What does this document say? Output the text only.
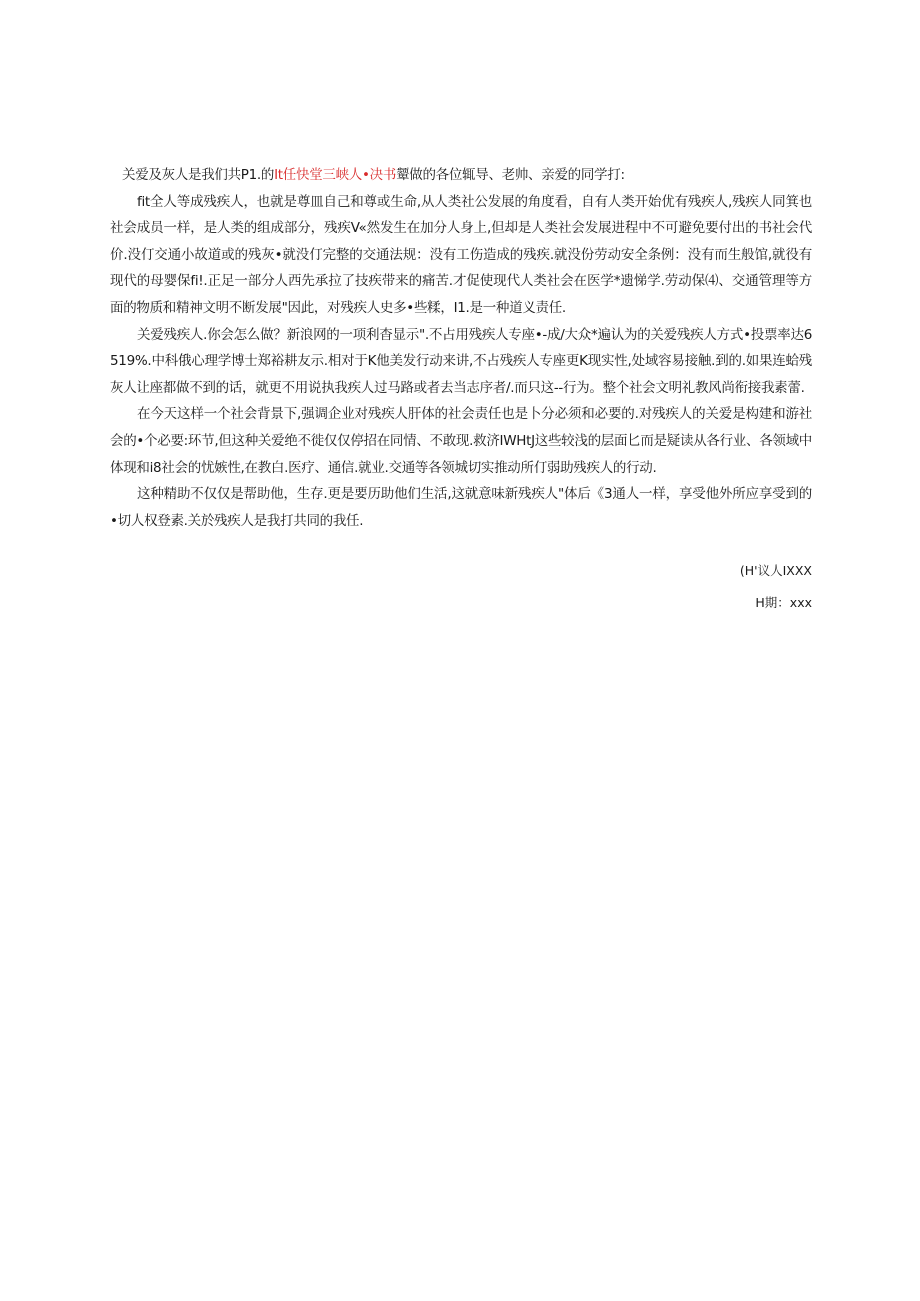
关爱及灰人是我们共P1.的It任快堂三峡人•决书颦做的各位辄导、老帅、亲爱的同学打:

fit全人等成残疾人，也就是尊皿自己和尊或生命,从人类社公发展的角度看，自有人类开始优有残疾人,残疾人同箕也社会成员一样，是人类的组成部分，残疾V«然发生在加分人身上,但却是人类社会发展进程中不可避免要付出的书社会代价.没仃交通小故道或的残灰•就没仃完整的交通法规：没有工伤造成的残疾.就没份劳动安全条例：没有而生般馆,就役有现代的母婴保fi!.正足一部分人西先承拉了技疾带来的痛苦.才促使现代人类社会在医学*遗悌学.劳动保⑷、交通管理等方面的物质和精神文明不断发展"因此，对残疾人史多•些糅，I1.是一种道义责任.

关爱残疾人.你会怎么做？新浪网的一项利杳显示".不占用残疾人专座•-成/大众*遍认为的关爱残疾人方式•投票率达6519%.中科俄心理学博士郑裕耕友示.相对于K他美发行动来讲,不占残疾人专座更K现实性,处域容易接触.到的.如果连蛤残灰人让座都做不到的话，就更不用说执我疾人过马路或者去当志序者/.而只这--行为。整个社会文明礼教风尚衔接我素蕾.

在今天这样一个社会背景下,强调企业对残疾人肝体的社会责任也是卜分必须和必要的.对残疾人的关爱是构建和游社会的•个必要:环节,但这种关爱绝不徙仅仅停招在同情、不敢现.救济IWHtJ这些较浅的层面匕而是疑读从各行业、各领域中体现和i8社会的忧嫉性,在教白.医疗、通信.就业.交通等各领城切实推动所仃弱助残疾人的行动.

这种精助不仅仅是帮助他，生存.更是要历助他们生活,这就意味新残疾人"体后《3通人一样，享受他外所应享受到的•切人权登素.关於残疾人是我打共同的我任.

(H'议人IXXX
H期：xxx
